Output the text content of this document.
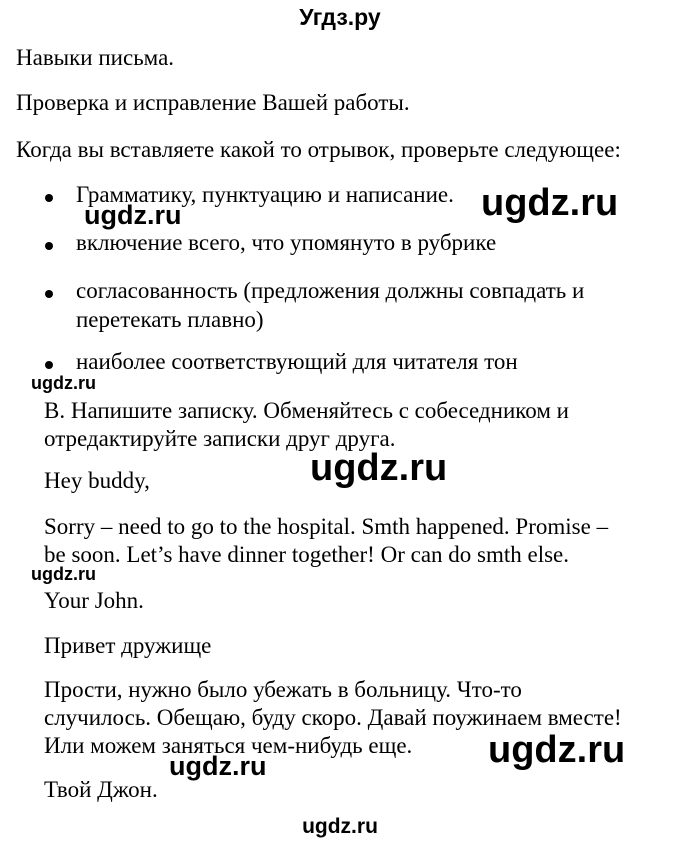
Угдз.ру
Навыки письма.
Проверка и исправление Вашей работы.
Когда вы вставляете какой то отрывок, проверьте следующее:
Грамматику, пунктуацию и написание.
включение всего, что упомянуто в рубрике
согласованность (предложения должны совпадать и
перетекать плавно)
наиболее соответствующий для читателя тон
B. Напишите записку. Обменяйтесь с собеседником и
отредактируйте записки друг друга.
Hey buddy,
Sorry – need to go to the hospital. Smth happened. Promise –
be soon. Let’s have dinner together! Or can do smth else.
Your John.
Привет дружище
Прости, нужно было убежать в больницу. Что-то
случилось. Обещаю, буду скоро. Давай поужинаем вместе!
Или можем заняться чем-нибудь еще.
Твой Джон.
ugdz.ru
ugdz.ru
ugdz.ru
ugdz.ru
ugdz.ru
ugdz.ru
ugdz.ru
ugdz.ru
